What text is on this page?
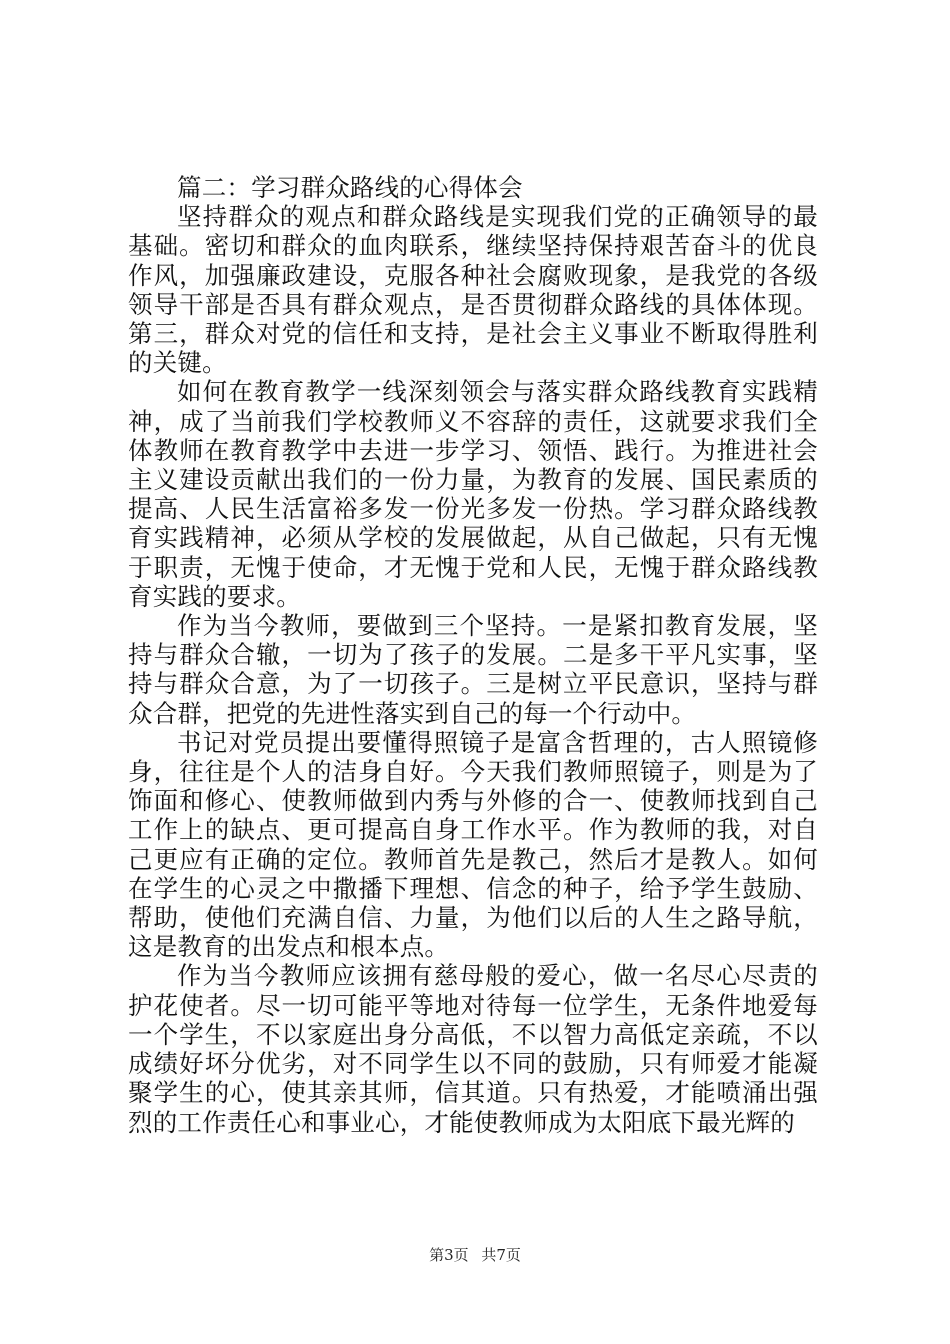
篇二：学习群众路线的心得体会

坚持群众的观点和群众路线是实现我们党的正确领导的最基础。密切和群众的血肉联系，继续坚持保持艰苦奋斗的优良作风，加强廉政建设，克服各种社会腐败现象，是我党的各级领导干部是否具有群众观点，是否贯彻群众路线的具体体现。第三，群众对党的信任和支持，是社会主义事业不断取得胜利的关键。

如何在教育教学一线深刻领会与落实群众路线教育实践精神，成了当前我们学校教师义不容辞的责任，这就要求我们全体教师在教育教学中去进一步学习、领悟、践行。为推进社会主义建设贡献出我们的一份力量，为教育的发展、国民素质的提高、人民生活富裕多发一份光多发一份热。学习群众路线教育实践精神，必须从学校的发展做起，从自己做起，只有无愧于职责，无愧于使命，才无愧于党和人民，无愧于群众路线教育实践的要求。

作为当今教师，要做到三个坚持。一是紧扣教育发展，坚持与群众合辙，一切为了孩子的发展。二是多干平凡实事，坚持与群众合意，为了一切孩子。三是树立平民意识，坚持与群众合群，把党的先进性落实到自己的每一个行动中。

书记对党员提出要懂得照镜子是富含哲理的，古人照镜修身，往往是个人的洁身自好。今天我们教师照镜子，则是为了饰面和修心、使教师做到内秀与外修的合一、使教师找到自己工作上的缺点、更可提高自身工作水平。作为教师的我，对自己更应有正确的定位。教师首先是教己，然后才是教人。如何在学生的心灵之中撒播下理想、信念的种子，给予学生鼓励、帮助，使他们充满自信、力量，为他们以后的人生之路导航，这是教育的出发点和根本点。

作为当今教师应该拥有慈母般的爱心，做一名尽心尽责的护花使者。尽一切可能平等地对待每一位学生，无条件地爱每一个学生，不以家庭出身分高低，不以智力高低定亲疏，不以成绩好坏分优劣，对不同学生以不同的鼓励，只有师爱才能凝聚学生的心，使其亲其师，信其道。只有热爱，才能喷涌出强烈的工作责任心和事业心，才能使教师成为太阳底下最光辉的

第3页 共7页
